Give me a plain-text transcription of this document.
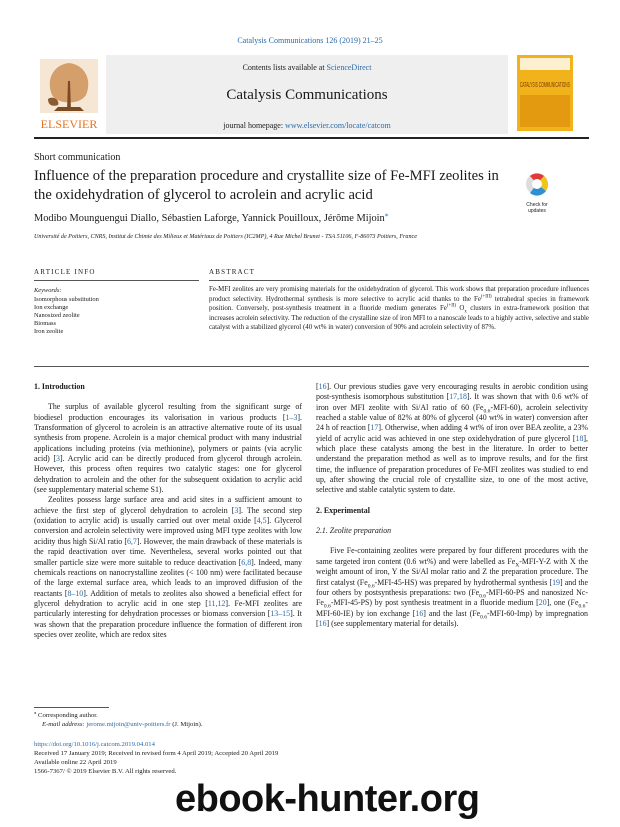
Catalysis Communications 126 (2019) 21–25
Contents lists available at ScienceDirect
Catalysis Communications
journal homepage: www.elsevier.com/locate/catcom
ELSEVIER
CATALYSIS COMMUNICATIONS
Short communication
Influence of the preparation procedure and crystallite size of Fe-MFI zeolites in the oxidehydration of glycerol to acrolein and acrylic acid
Check for updates
Modibo Mounguengui Diallo, Sébastien Laforge, Yannick Pouilloux, Jérôme Mijoin⁎
Université de Poitiers, CNRS, Institut de Chimie des Milieux et Matériaux de Poitiers (IC2MP), 4 Rue Michel Brunet - TSA 51106, F-86073 Poitiers, France
ARTICLE INFO	ABSTRACT
Keywords:
Isomorphous substitution
Ion exchange
Nanosized zeolite
Biomass
Iron zeolite
Fe-MFI zeolites are very promising materials for the oxidehydration of glycerol. This work shows that preparation procedure influences product selectivity. Hydrothermal synthesis is more selective to acrylic acid thanks to the $Fe^{(+III)}$ tetrahedral species in framework position. Conversely, post-synthesis treatment in a fluoride medium generates $Fe^{(+II)}$ $O_x$ clusters in extra-framework position that increases acrolein selectivity. The reduction of the crystalline size of iron MFI to a nanoscale leads to a highly active, selective and stable catalyst with a stabilized glycerol (40 wt% in water) conversion of 90% and acrolein selectivity of 87%.
1. Introduction

The surplus of available glycerol resulting from the significant surge of biodiesel production encourages its valorisation in various products [1–3]. Transformation of glycerol to acrolein is an attractive alternative route of its usual synthesis from propene. Acrolein is a major chemical product with many industrial applications including proteins (via methionine), polymers or paints (via acrylic acid) [3]. Acrylic acid can be directly produced from glycerol through acrolein. However, this process often requires two catalytic stages: one for glycerol dehydration to acrolein and the other for the subsequent oxidation to acrylic acid (see supplementary material scheme S1).

Zeolites possess large surface area and acid sites in a sufficient amount to achieve the first step of glycerol dehydration to acrolein [3]. The second step (oxidation to acrylic acid) is usually carried out over metal oxide [4,5]. Glycerol conversion and acrolein selectivity were improved using MFI type zeolites with low acidity thus high Si/Al ratio [6,7]. However, the main drawback of these materials is the rapid deactivation over time. Nevertheless, several works pointed out that smaller particle size were more suitable to reduce deactivation [6,8]. Indeed, many chemicals reactions on nanocrystalline zeolites (< 100 nm) were facilitated because of the large external surface area, which leads to an improved diffusion of the reactants [8–10]. Addition of metals to zeolites also showed a beneficial effect for glycerol dehydration to acrylic acid in one step [11,12]. Fe-MFI zeolites are particularly interesting for dehydration processes or biomass conversion [13–15]. It was shown that the preparation procedure influence the formation of different iron species over zeolite, which are redox sites

[16]. Our previous studies gave very encouraging results in aerobic condition using post-synthesis isomorphous substitution [17,18]. It was shown that with 0.6 wt% of iron over MFI zeolite with Si/Al ratio of 60 $(Fe_{0.6}-MFI-60)$, acrolein selectivity reached a stable value of 82% at 80% of glycerol (40 wt% in water) conversion after 24 h of reaction [17]. Otherwise, when adding 4 wt% of iron over BEA zeolite, a 23% yield of acrylic acid was achieved in one step oxidehydration of pure glycerol [18], which place these catalysts among the best in the literature. In order to better understand the preparation method as well as to improve results, and for the first time, the influence of preparation procedures of Fe-MFI zeolites was studied to end up, after showing the crucial role of crystallite size, to one of the most active, selective and stable catalytic system to date.

2. Experimental
2.1. Zeolite preparation

Five Fe-containing zeolites were prepared by four different procedures with the same targeted iron content (0.6 wt%) and were labelled as $Fe_X-MFI-Y-Z$ with X the weight amount of iron, Y the Si/Al molar ratio and Z the preparation procedure. The first catalyst $(Fe_{0.6}-MFI-45-HS)$ was prepared by hydrothermal synthesis [19] and the four others by postsynthesis preparations: two ($Fe_{0.6}-MFI-60-PS$ and nanosized $Nc-Fe_{0.6}-MFI-45-PS$) by post synthesis treatment in a fluoride medium [20], one $(Fe_{0.6}-MFI-60-IE)$ by ion exchange [16] and the last $(Fe_{0.6}-MFI-60-Imp)$ by impregnation [16] (see supplementary material for details).

⁎ Corresponding author.
E-mail address: jerome.mijoin@univ-poitiers.fr (J. Mijoin).
https://doi.org/10.1016/j.catcom.2019.04.014
Received 17 January 2019; Received in revised form 4 April 2019; Accepted 20 April 2019
Available online 22 April 2019
1566-7367/ © 2019 Elsevier B.V. All rights reserved.
ebook-hunter.org
